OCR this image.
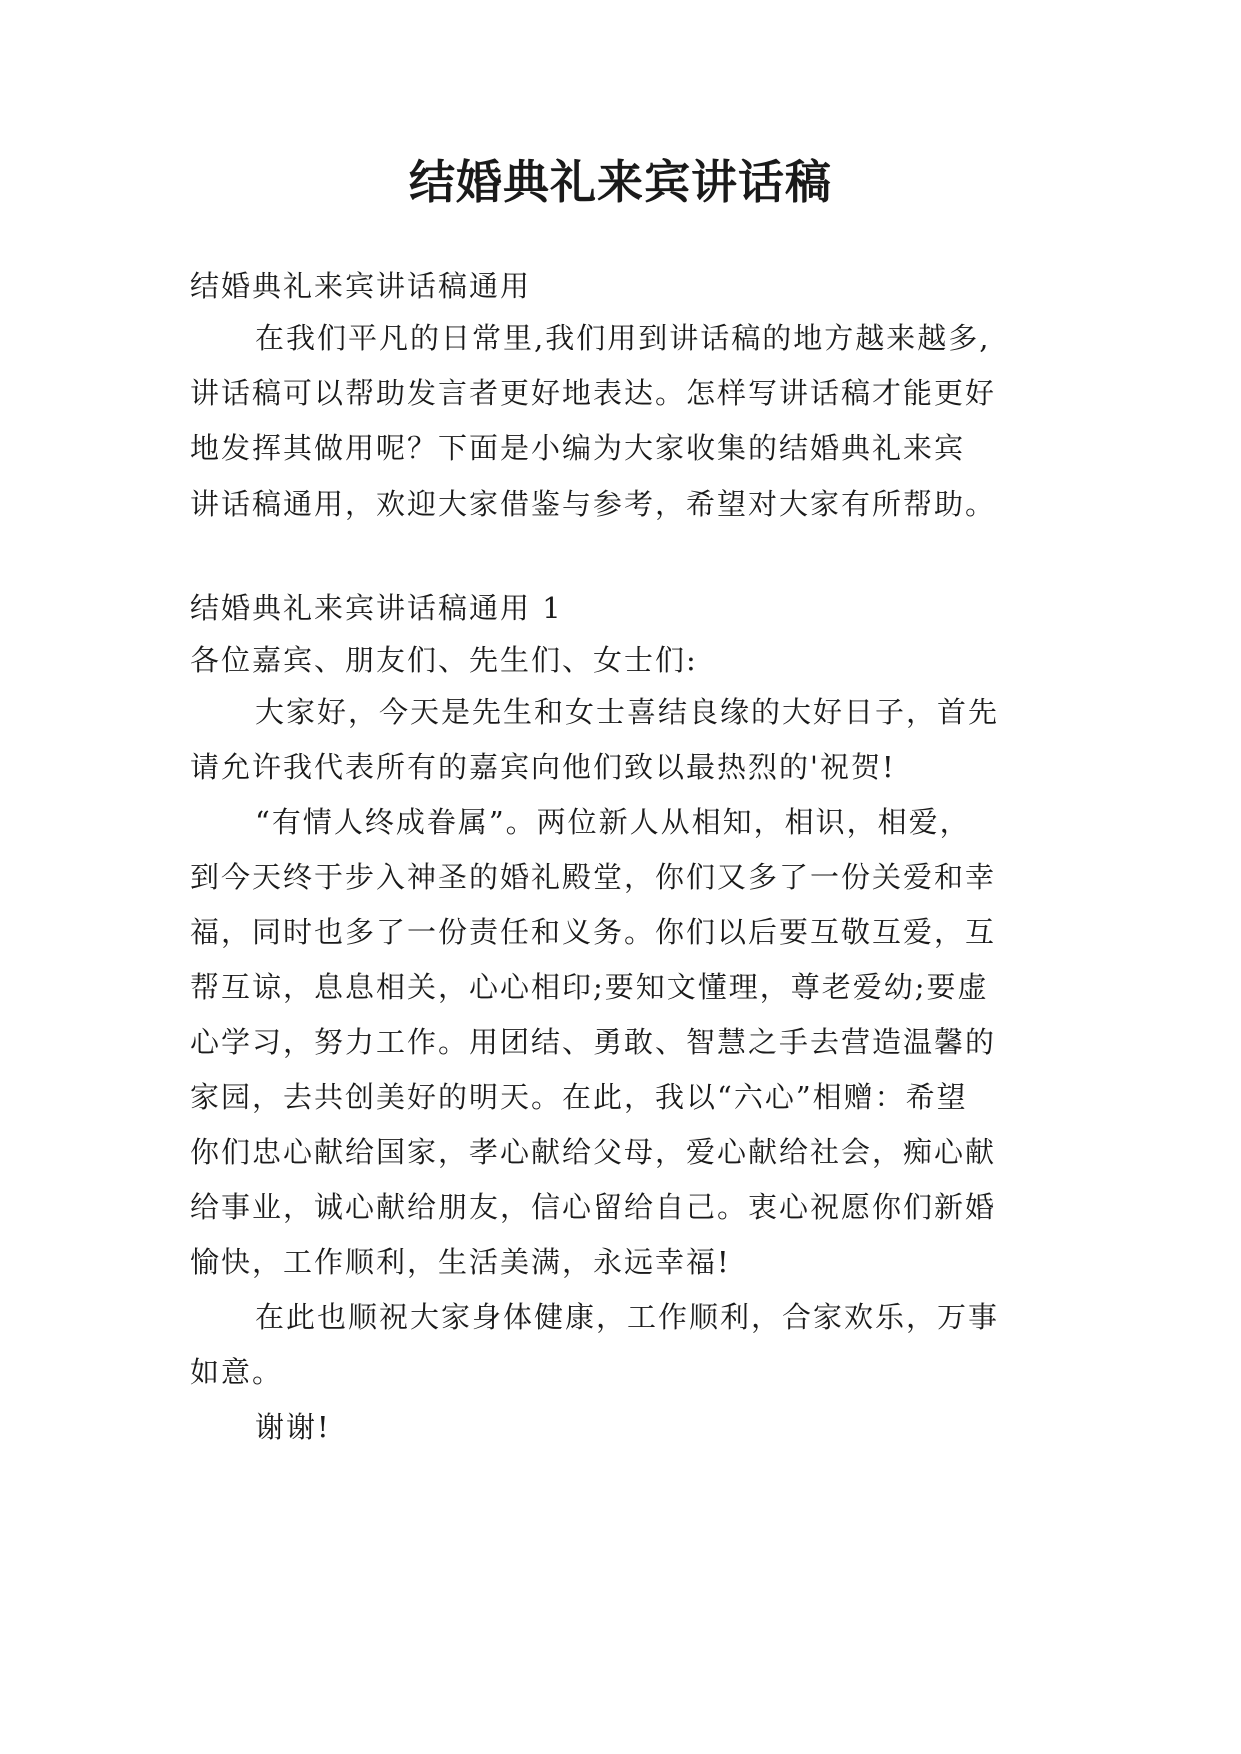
结婚典礼来宾讲话稿
结婚典礼来宾讲话稿通用
在我们平凡的日常里,我们用到讲话稿的地方越来越多,
讲话稿可以帮助发言者更好地表达。怎样写讲话稿才能更好
地发挥其做用呢？下面是小编为大家收集的结婚典礼来宾
讲话稿通用，欢迎大家借鉴与参考，希望对大家有所帮助。
结婚典礼来宾讲话稿通用 1
各位嘉宾、朋友们、先生们、女士们:
大家好，今天是先生和女士喜结良缘的大好日子，首先
请允许我代表所有的嘉宾向他们致以最热烈的'祝贺!
“有情人终成眷属”。两位新人从相知，相识，相爱，
到今天终于步入神圣的婚礼殿堂，你们又多了一份关爱和幸
福，同时也多了一份责任和义务。你们以后要互敬互爱，互
帮互谅，息息相关，心心相印;要知文懂理，尊老爱幼;要虚
心学习，努力工作。用团结、勇敢、智慧之手去营造温馨的
家园，去共创美好的明天。在此，我以“六心”相赠：希望
你们忠心献给国家，孝心献给父母，爱心献给社会，痴心献
给事业，诚心献给朋友，信心留给自己。衷心祝愿你们新婚
愉快，工作顺利，生活美满，永远幸福!
在此也顺祝大家身体健康，工作顺利，合家欢乐，万事
如意。
谢谢!
